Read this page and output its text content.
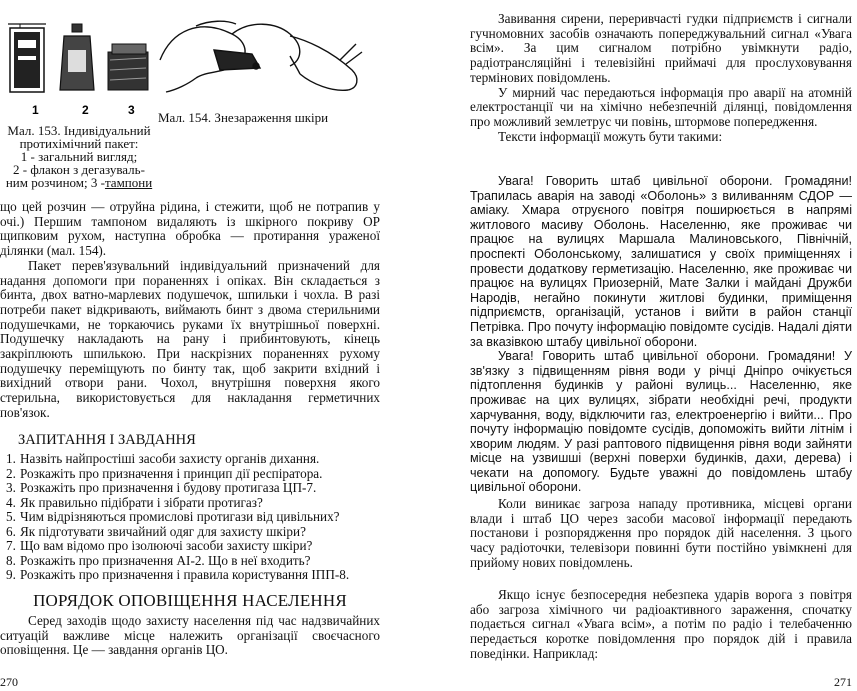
1	2	3 Мал. 154. Знезараження шкіри
Мал. 153. Індивідуальний
протихімічний пакет:
1 - загальний вигляд;
2 - флакон з дегазуваль-
ним розчином; 3 -тампони

що цей розчин — отруйна рідина, і стежити, щоб не потрапив у очі.) Першим тампоном видаляють із шкірного покриву ОР щипковим рухом, наступна обробка — протирання ураженої ділянки (мал. 154).

Пакет перев'язувальний індивідуальний призначений для надання допомоги при пораненнях і опіках. Він складається з бинта, двох ватно-марлевих подушечок, шпильки і чохла. В разі потреби пакет відкривають, виймають бинт з двома стерильними подушечками, не торкаючись руками їх внутрішньої поверхні. Подушечку накладають на рану і прибинтовують, кінець закріплюють шпилькою. При наскрізних пораненнях рухому подушечку переміщують по бинту так, щоб закрити вхідний і вихідний отвори рани. Чохол, внутрішня поверхня якого стерильна, використовується для накладання герметичних пов'язок.

ЗАПИТАННЯ І ЗАВДАННЯ
1. Назвіть найпростіші засоби захисту органів дихання.
2. Розкажіть про призначення і принцип дії респіратора.
3. Розкажіть про призначення і будову протигаза ЦП-7.
4. Як правильно підібрати і зібрати протигаз?
5. Чим відрізняються промислові протигази від цивільних?
6. Як підготувати звичайний одяг для захисту шкіри?
7. Що вам відомо про ізолюючі засоби захисту шкіри?
8. Розкажіть про призначення АІ-2. Що в неї входить?
9. Розкажіть про призначення і правила користування ІПП-8.
ПОРЯДОК ОПОВІЩЕННЯ НАСЕЛЕННЯ

Серед заходів щодо захисту населення під час надзвичайних ситуацій важливе місце належить організації своєчасного оповіщення. Це — завдання органів ЦО.

270

Завивання сирени, переривчасті гудки підприємств і сигнали гучномовних засобів означають попереджувальний сигнал «Увага всім». За цим сигналом потрібно увімкнути радіо, радіотрансляційні і телевізійні приймачі для прослуховування термінових повідомлень.

У мирний час передаються інформація про аварії на атомній електростанції чи на хімічно небезпечній ділянці, повідомлення про можливий землетрус чи повінь, штормове попередження.

Тексти інформації можуть бути такими:

Увага! Говорить штаб цивільної оборони. Громадяни! Трапилась аварія на заводі «Оболонь» з виливанням СДОР — аміаку. Хмара отруєного повітря поширюється в напрямі житлового масиву Оболонь. Населенню, яке проживає чи працює на вулицях Маршала Малиновського, Північній, проспекті Оболонському, залишатися у своїх приміщеннях і провести додаткову герметизацію. Населенню, яке проживає чи працює на вулицях Приозерній, Мате Залки і майдані Дружби Народів, негайно покинути житлові будинки, приміщення підприємств, організацій, установ і вийти в район станції Петрівка. Про почуту інформацію повідомте сусідів. Надалі діяти за вказівкою штабу цивільної оборони.

Увага! Говорить штаб цивільної оборони. Громадяни! У зв'язку з підвищенням рівня води у річці Дніпро очікується підтоплення будинків у районі вулиць... Населенню, яке проживає на цих вулицях, зібрати необхідні речі, продукти харчування, воду, відключити газ, електроенергію і вийти... Про почуту інформацію повідомте сусідів, допоможіть вийти літнім і хворим людям. У разі раптового підвищення рівня води зайняти місце на узвишші (верхні поверхи будинків, дахи, дерева) і чекати на допомогу. Будьте уважні до повідомлень штабу цивільної оборони.

Коли виникає загроза нападу противника, місцеві органи влади і штаб ЦО через засоби масової інформації передають постанови і розпорядження про порядок дій населення. З цього часу радіоточки, телевізори повинні бути постійно увімкнені для прийому нових повідомлень.

Якщо існує безпосередня небезпека ударів ворога з повітря або загроза хімічного чи радіоактивного зараження, спочатку подається сигнал «Увага всім», а потім по радіо і телебаченню передається коротке повідомлення про порядок дій і правила поведінки. Наприклад:

271
